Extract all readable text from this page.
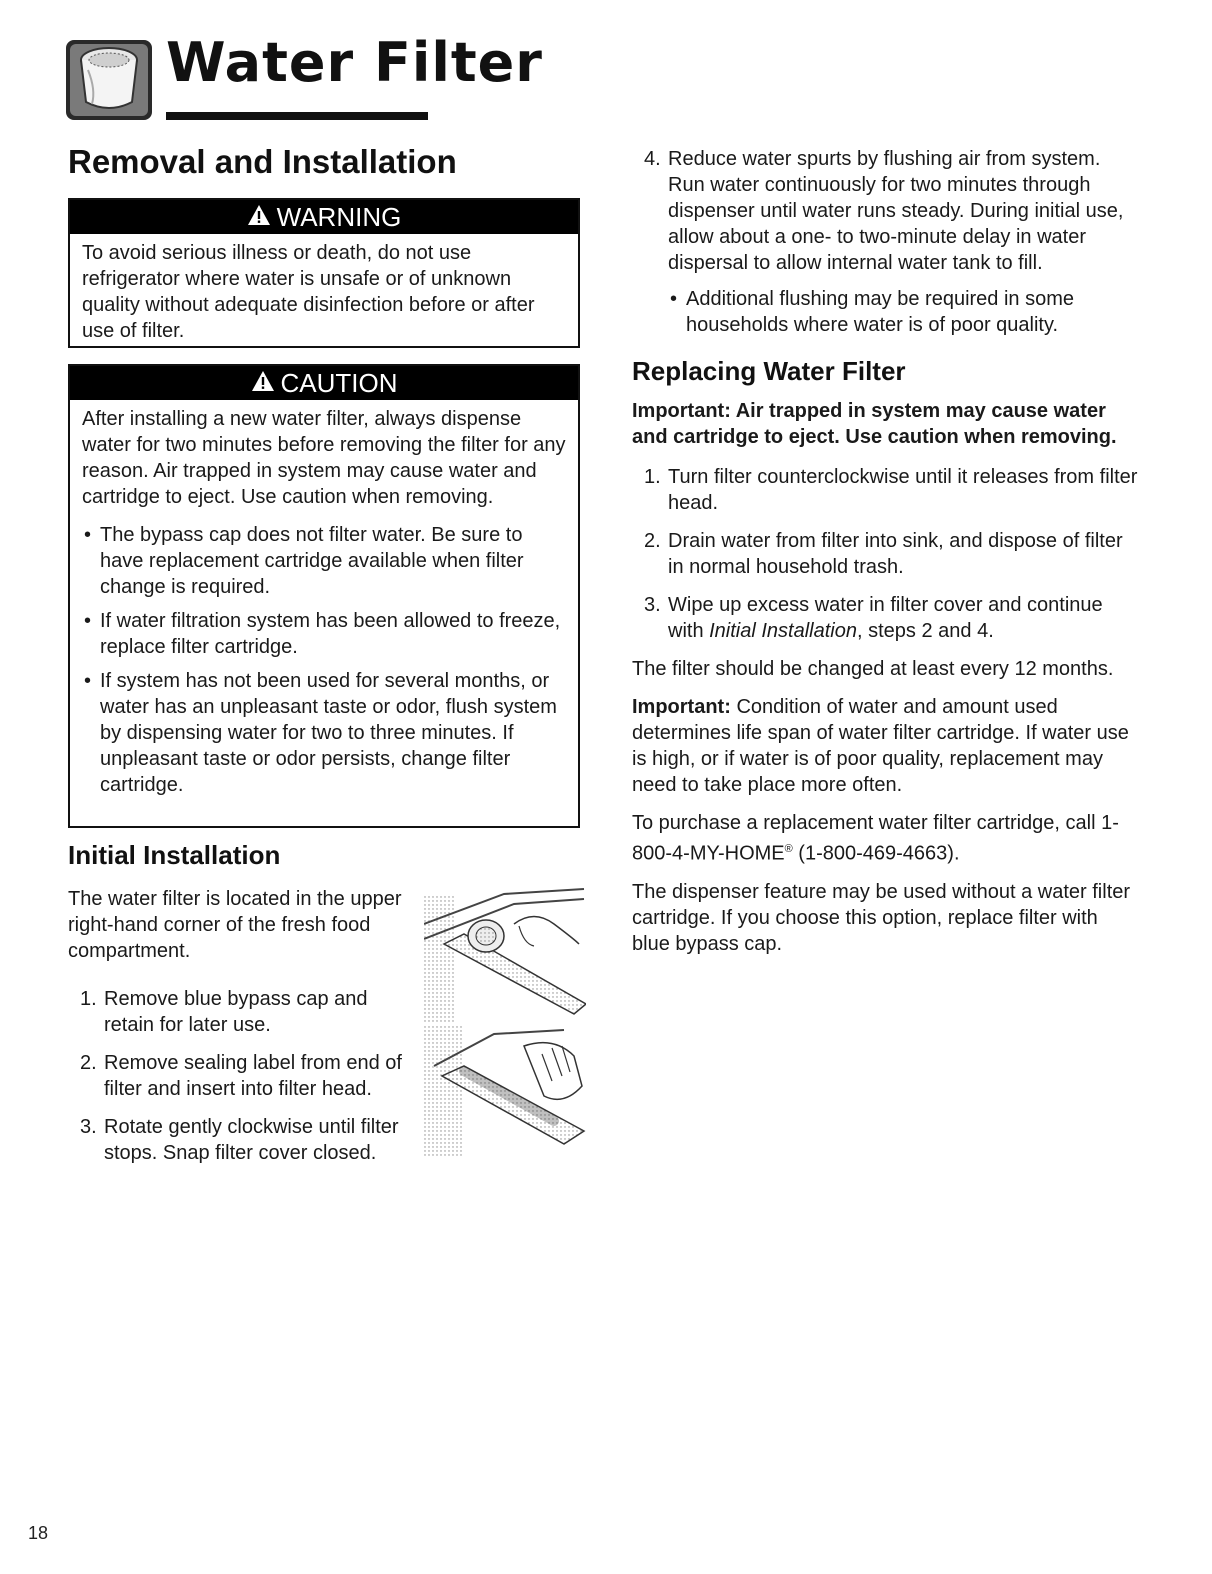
Water Filter
Removal and Installation
WARNING

To avoid serious illness or death, do not use refrigerator where water is unsafe or of unknown quality without adequate disinfection before or after use of filter.

CAUTION

After installing a new water filter, always dispense water for two minutes before removing the filter for any reason. Air trapped in system may cause water and cartridge to eject. Use caution when removing.

• The bypass cap does not filter water. Be sure to have replacement cartridge available when filter change is required.
• If water filtration system has been allowed to freeze, replace filter cartridge.
• If system has not been used for several months, or water has an unpleasant taste or odor, flush system by dispensing water for two to three minutes. If unpleasant taste or odor persists, change filter cartridge.
Initial Installation
The water filter is located in the upper right-hand corner of the fresh food compartment.
1. Remove blue bypass cap and retain for later use.
2. Remove sealing label from end of filter and insert into filter head.
3. Rotate gently clockwise until filter stops. Snap filter cover closed.
4. Reduce water spurts by flushing air from system. Run water continuously for two minutes through dispenser until water runs steady. During initial use, allow about a one- to two-minute delay in water dispersal to allow internal water tank to fill.
• Additional flushing may be required in some households where water is of poor quality.
Replacing Water Filter

Important: Air trapped in system may cause water and cartridge to eject. Use caution when removing.

1. Turn filter counterclockwise until it releases from filter head.
2. Drain water from filter into sink, and dispose of filter in normal household trash.
3. Wipe up excess water in filter cover and continue with Initial Installation, steps 2 and 4.

The filter should be changed at least every 12 months.

Important: Condition of water and amount used determines life span of water filter cartridge. If water use is high, or if water is of poor quality, replacement may need to take place more often.

To purchase a replacement water filter cartridge, call 1-800-4-MY-HOME® (1-800-469-4663).

The dispenser feature may be used without a water filter cartridge. If you choose this option, replace filter with blue bypass cap.

18
